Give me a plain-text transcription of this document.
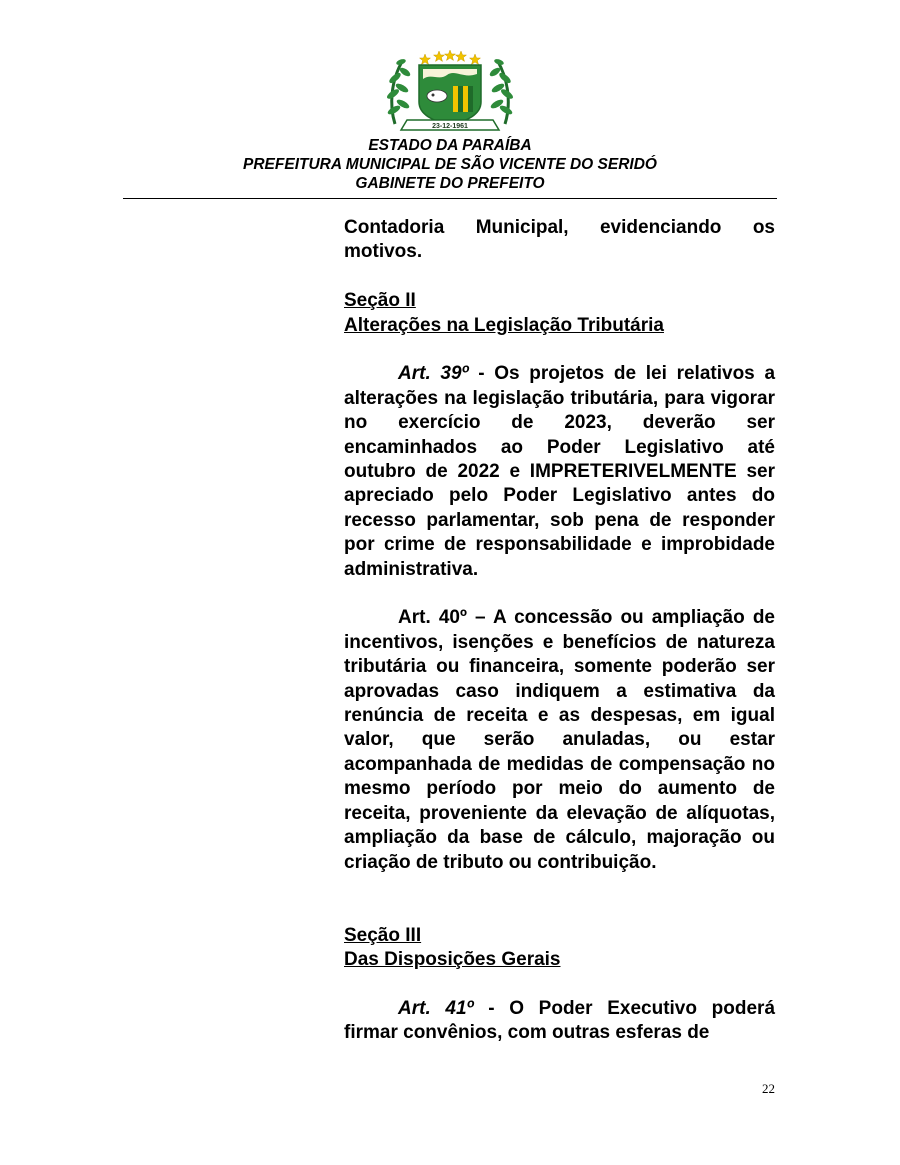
23-12-1961
ESTADO DA PARAÍBA
PREFEITURA MUNICIPAL DE SÃO VICENTE DO SERIDÓ
GABINETE DO PREFEITO

Contadoria Municipal, evidenciando os motivos.

Seção II

Alterações na Legislação Tributária

Art. 39º - Os projetos de lei relativos a alterações na legislação tributária, para vigorar no exercício de 2023, deverão ser encaminhados ao Poder Legislativo até outubro de 2022 e IMPRETERIVELMENTE ser apreciado pelo Poder Legislativo antes do recesso parlamentar, sob pena de responder por crime de responsabilidade e improbidade administrativa.

Art. 40º – A concessão ou ampliação de incentivos, isenções e benefícios de natureza tributária ou financeira, somente poderão ser aprovadas caso indiquem a estimativa da renúncia de receita e as despesas, em igual valor, que serão anuladas, ou estar acompanhada de medidas de compensação no mesmo período por meio do aumento de receita, proveniente da elevação de alíquotas, ampliação da base de cálculo, majoração ou criação de tributo ou contribuição.

Seção III

Das Disposições Gerais

Art. 41º - O Poder Executivo poderá firmar convênios, com outras esferas de

22
